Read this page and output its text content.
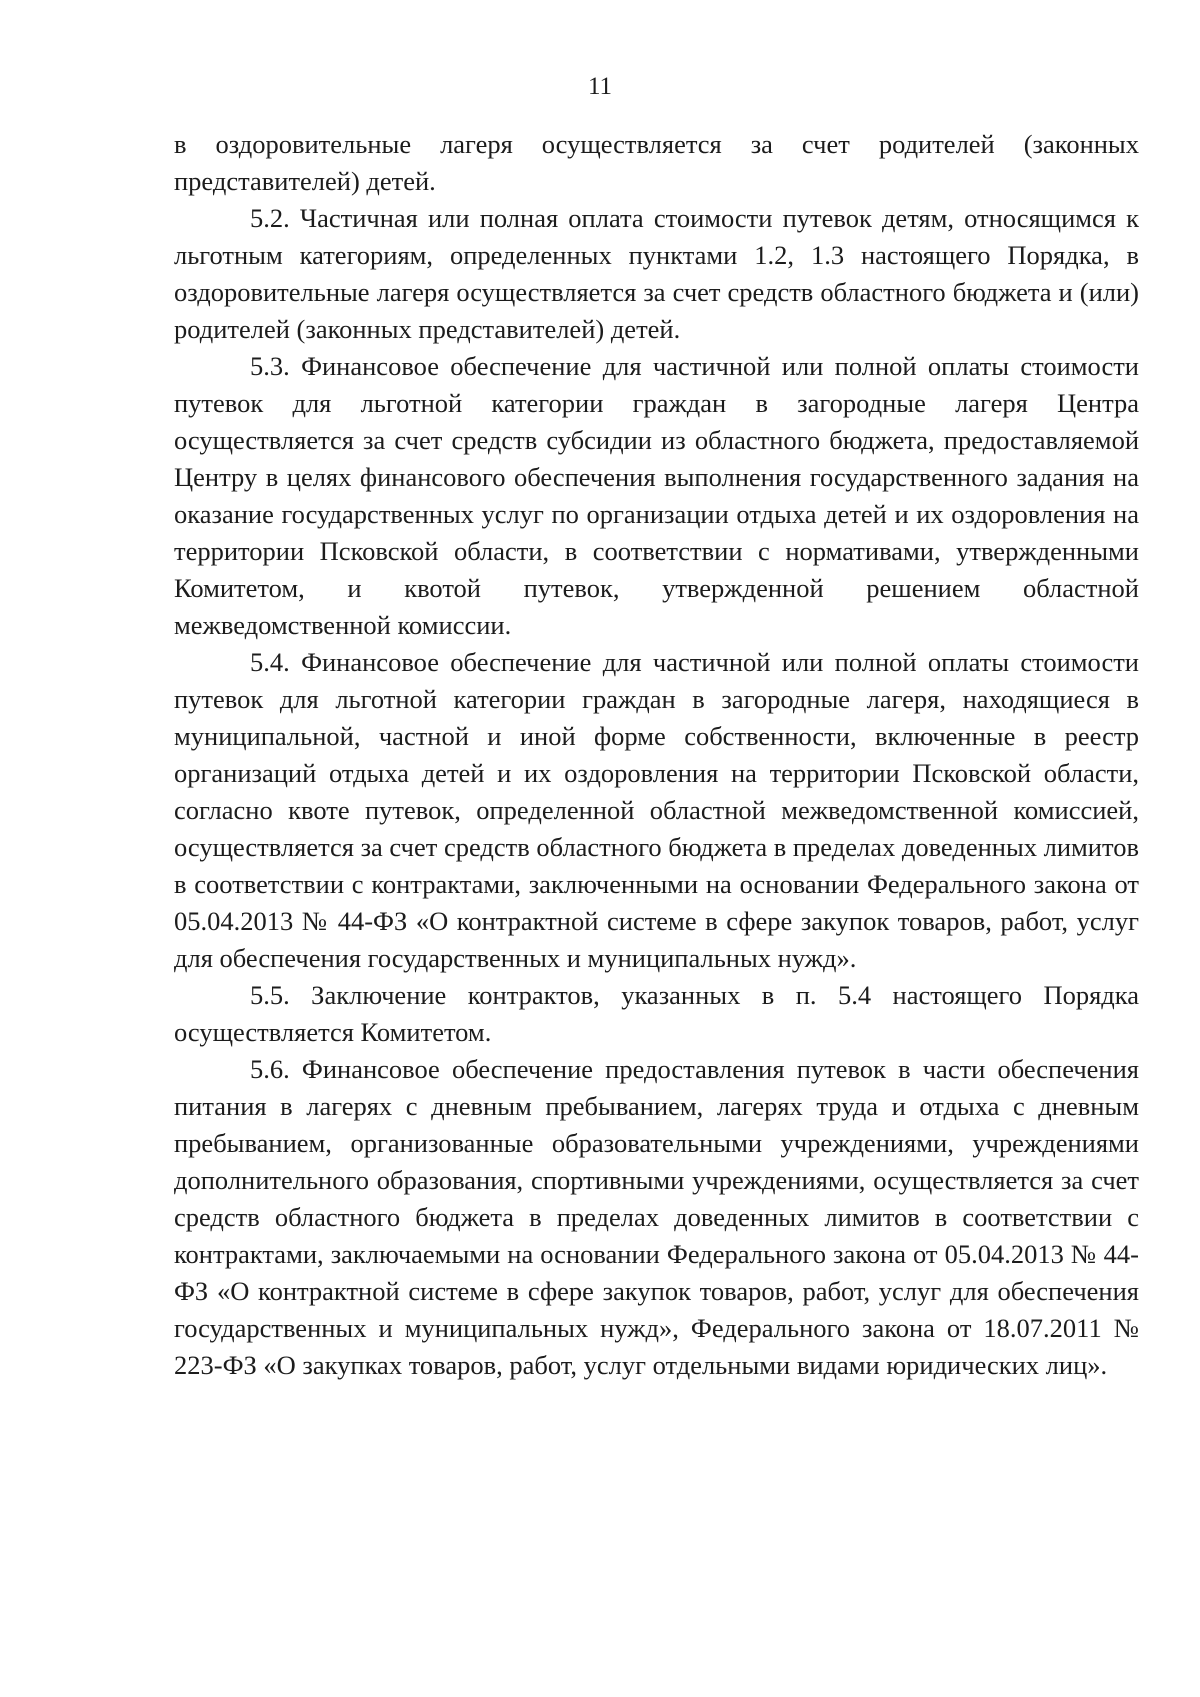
11

в оздоровительные лагеря осуществляется за счет родителей (законных представителей) детей.

5.2. Частичная или полная оплата стоимости путевок детям, относящимся к льготным категориям, определенных пунктами 1.2, 1.3 настоящего Порядка, в оздоровительные лагеря осуществляется за счет средств областного бюджета и (или) родителей (законных представителей) детей.

5.3. Финансовое обеспечение для частичной или полной оплаты стоимости путевок для льготной категории граждан в загородные лагеря Центра осуществляется за счет средств субсидии из областного бюджета, предоставляемой Центру в целях финансового обеспечения выполнения государственного задания на оказание государственных услуг по организации отдыха детей и их оздоровления на территории Псковской области, в соответствии с нормативами, утвержденными Комитетом, и квотой путевок, утвержденной решением областной межведомственной комиссии.

5.4. Финансовое обеспечение для частичной или полной оплаты стоимости путевок для льготной категории граждан в загородные лагеря, находящиеся в муниципальной, частной и иной форме собственности, включенные в реестр организаций отдыха детей и их оздоровления на территории Псковской области, согласно квоте путевок, определенной областной межведомственной комиссией, осуществляется за счет средств областного бюджета в пределах доведенных лимитов в соответствии с контрактами, заключенными на основании Федерального закона от 05.04.2013 № 44-ФЗ «О контрактной системе в сфере закупок товаров, работ, услуг для обеспечения государственных и муниципальных нужд».

5.5. Заключение контрактов, указанных в п. 5.4 настоящего Порядка осуществляется Комитетом.

5.6. Финансовое обеспечение предоставления путевок в части обеспечения питания в лагерях с дневным пребыванием, лагерях труда и отдыха с дневным пребыванием, организованные образовательными учреждениями, учреждениями дополнительного образования, спортивными учреждениями, осуществляется за счет средств областного бюджета в пределах доведенных лимитов в соответствии с контрактами, заключаемыми на основании Федерального закона от 05.04.2013 № 44-ФЗ «О контрактной системе в сфере закупок товаров, работ, услуг для обеспечения государственных и муниципальных нужд», Федерального закона от 18.07.2011 № 223-ФЗ «О закупках товаров, работ, услуг отдельными видами юридических лиц».
